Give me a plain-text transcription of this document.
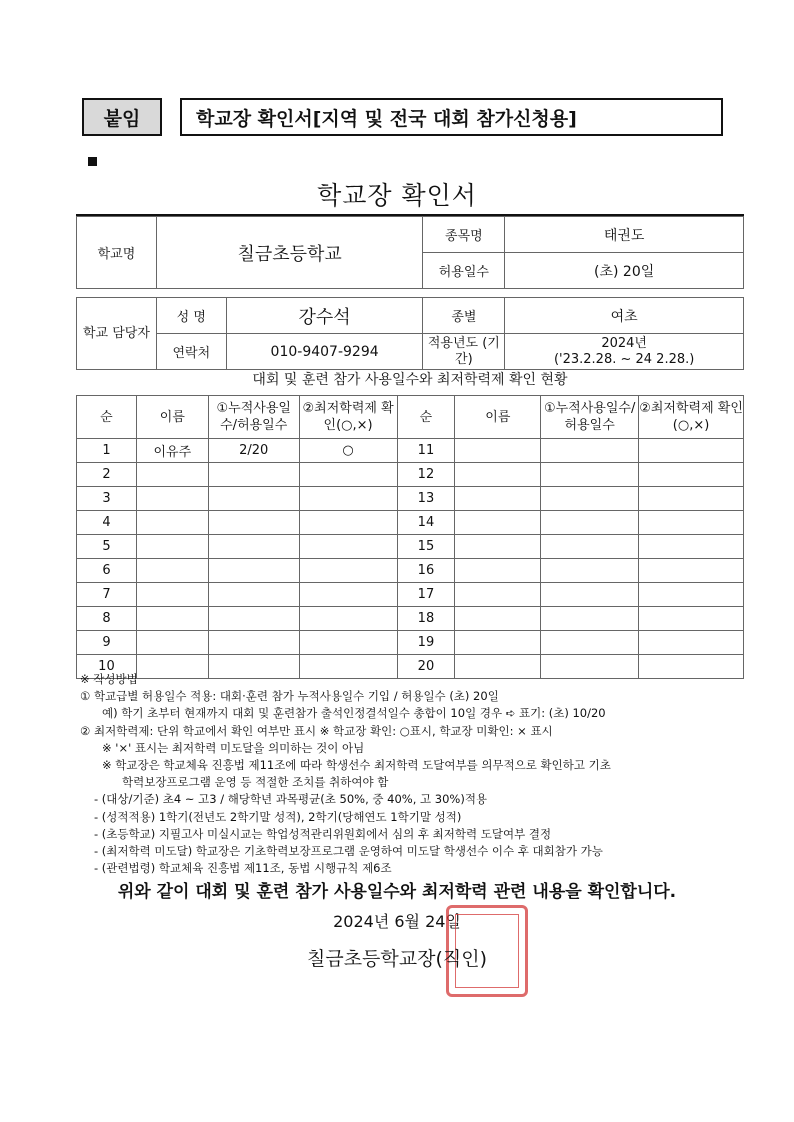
붙임	학교장 확인서[지역 및 전국 대회 참가신청용]
학교장 확인서
학교명	칠금초등학교		종목명	태권도
			허용일수	(초) 20일

학교 담당자	성 명	강수석	종별	여초
	연락처	010-9407-9294	적용년도 (기간)	2024년
('23.2.28. ~ 24 2.28.)
대회 및 훈련 참가 사용일수와 최저학력제 확인 현황
순	이름	①누적사용일수/허용일수	②최저학력제 확인(○,×)	순	이름	①누적사용일수/허용일수	②최저학력제 확인(○,×)
1	이유주	2/20	○	11			
2				12			
3				13			
4				14			
5				15			
6				16			
7				17			
8				18			
9				19			
10				20			
※ 작성방법
① 학교급별 허용일수 적용: 대회·훈련 참가 누적사용일수 기입 / 허용일수 (초) 20일
예) 학기 초부터 현재까지 대회 및 훈련참가 출석인정결석일수 총합이 10일 경우 ➪ 표기: (초) 10/20
② 최저학력제: 단위 학교에서 확인 여부만 표시 ※ 학교장 확인: ○표시, 학교장 미확인: × 표시
※ '×' 표시는 최저학력 미도달을 의미하는 것이 아님
※ 학교장은 학교체육 진흥법 제11조에 따라 학생선수 최저학력 도달여부를 의무적으로 확인하고 기초
학력보장프로그램 운영 등 적절한 조치를 취하여야 함
- (대상/기준) 초4 ~ 고3 / 해당학년 과목평균(초 50%, 중 40%, 고 30%)적용
- (성적적용) 1학기(전년도 2학기말 성적), 2학기(당해연도 1학기말 성적)
- (초등학교) 지필고사 미실시교는 학업성적관리위원회에서 심의 후 최저학력 도달여부 결정
- (최저학력 미도달) 학교장은 기초학력보장프로그램 운영하여 미도달 학생선수 이수 후 대회참가 가능
- (관련법령) 학교체육 진흥법 제11조, 동법 시행규칙 제6조
위와 같이 대회 및 훈련 참가 사용일수와 최저학력 관련 내용을 확인합니다.
2024년 6월 24일
칠금초등학교장(직인)
